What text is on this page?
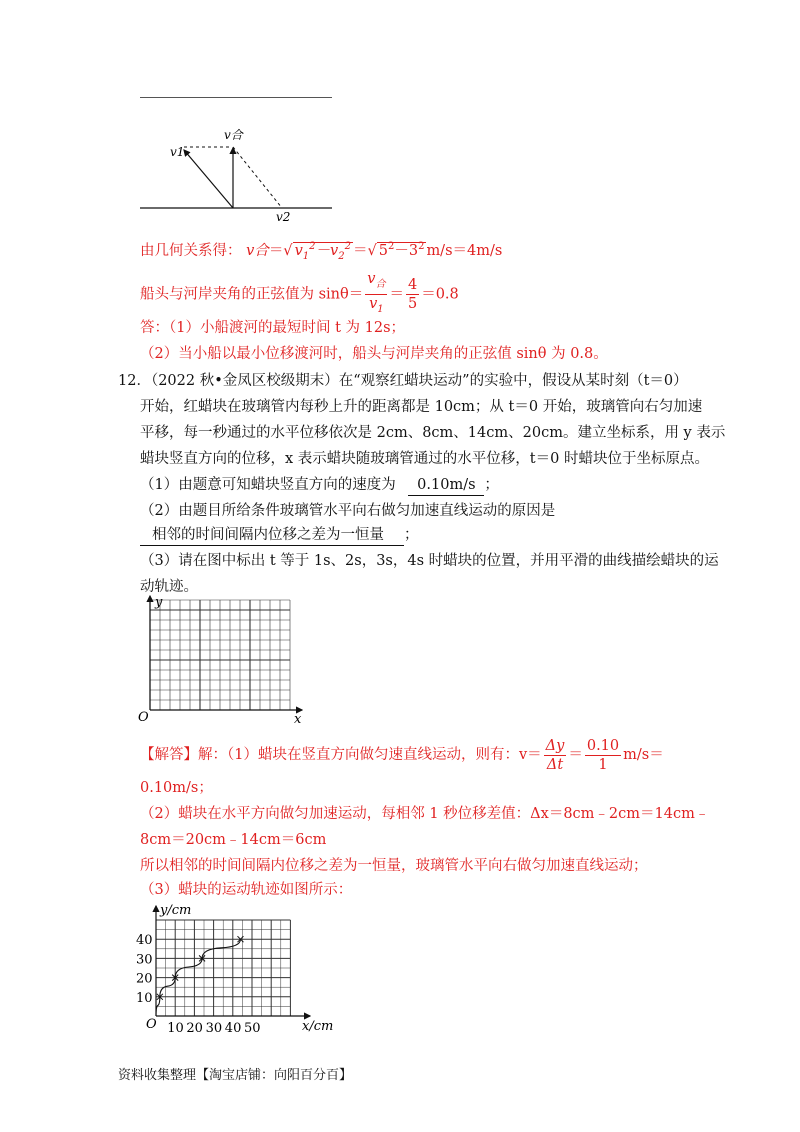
v合
v1
v2
由几何关系得： v合＝√ $v_1^2-v_2^2$ ＝√ $5^2-3^2$ m/s＝4m/s
船头与河岸夹角的正弦值为 $\sin\theta= \frac{v_合}{v_1} = \frac{4}{5} =0.8$
答：（1）小船渡河的最短时间 t 为 12s；
（2）当小船以最小位移渡河时，船头与河岸夹角的正弦值 sinθ 为 0.8。
12．（2022 秋•金凤区校级期末）在“观察红蜡块运动”的实验中，假设从某时刻（t＝0）
开始，红蜡块在玻璃管内每秒上升的距离都是 10cm；从 t＝0 开始，玻璃管向右匀加速
平移，每一秒通过的水平位移依次是 2cm、8cm、14cm、20cm。建立坐标系，用 y 表示
蜡块竖直方向的位移，x 表示蜡块随玻璃管通过的水平位移，t＝0 时蜡块位于坐标原点。
（1）由题意可知蜡块竖直方向的速度为 0.10m/s ；
（2）由题目所给条件玻璃管水平向右做匀加速直线运动的原因是
相邻的时间间隔内位移之差为一恒量 ；
（3）请在图中标出 t 等于 1s、2s，3s，4s 时蜡块的位置，并用平滑的曲线描绘蜡块的运
动轨迹。
y
x
O
【解答】解：（1）蜡块在竖直方向做匀速直线运动，则有：$v= \frac{\Delta y}{\Delta t} = \frac{0.10}{1} m/s=$
0.10m/s；
（2）蜡块在水平方向做匀加速运动，每相邻 1 秒位移差值：Δx＝8cm﹣2cm＝14cm﹣
8cm＝20cm﹣14cm＝6cm
所以相邻的时间间隔内位移之差为一恒量，玻璃管水平向右做匀加速直线运动；
（3）蜡块的运动轨迹如图所示：
y/cm
x/cm
O
10
20
30
40
10 20 30 40 50
资料收集整理【淘宝店铺：向阳百分百】
